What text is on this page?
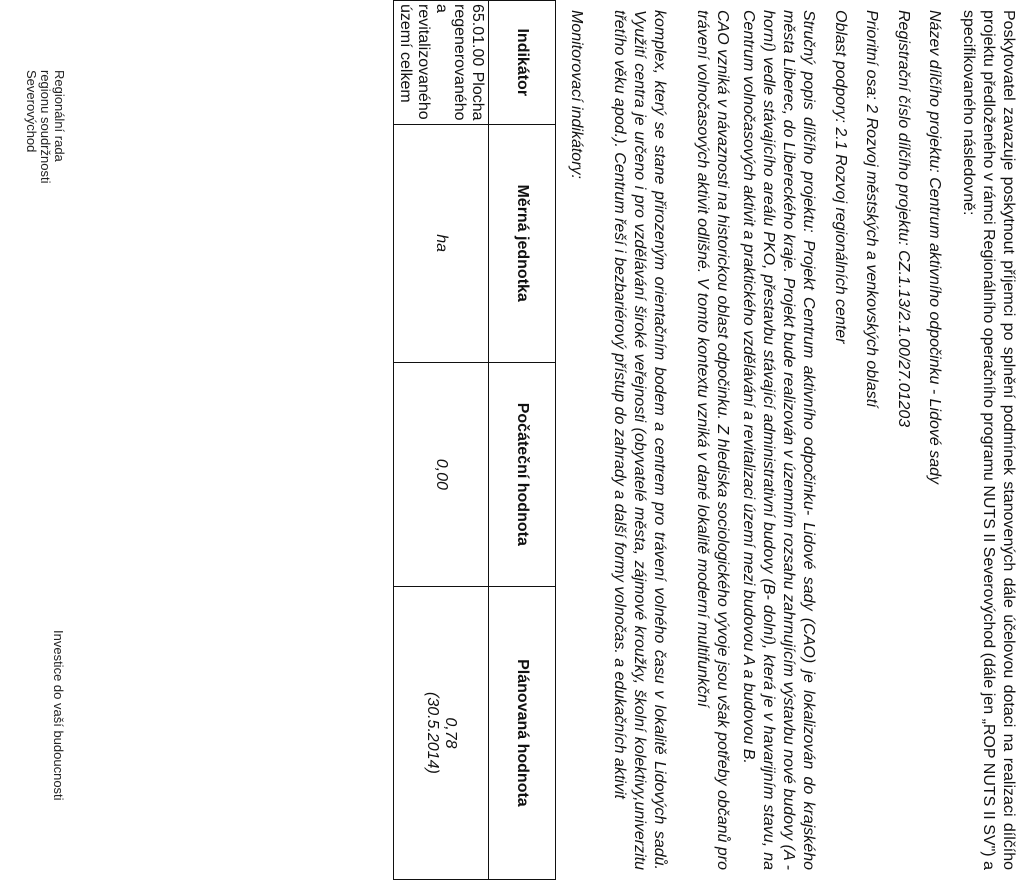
Poskytovatel zavazuje poskytnout příjemci po splnění podmínek stanovených dále účelovou dotaci na realizaci dílčího projektu předloženého v rámci Regionálního operačního programu NUTS II Severovýchod (dále jen „ROP NUTS II SV") a specifikovaného následovně:

Název dílčího projektu: Centrum aktivního odpočinku - Lidové sady

Registrační číslo dílčího projektu: CZ.1.13/2.1.00/27.01203

Prioritní osa: 2 Rozvoj městských a venkovských oblastí

Oblast podpory: 2.1 Rozvoj regionálních center

Stručný popis dílčího projektu: Projekt Centrum aktivního odpočinku- Lidové sady (CAO) je lokalizován do krajského města Liberec, do Libereckého kraje. Projekt bude realizován v územním rozsahu zahrnujícím výstavbu nové budovy (A - horní) vedle stávajícího areálu PKO, přestavbu stávající administrativní budovy (B- dolní), která je v havarijním stavu, na Centrum volnočasových aktivit a praktického vzdělávání a revitalizaci území mezi budovou A a budovou B.

CAO vzniká v návaznosti na historickou oblast odpočinku. Z hlediska sociologického vývoje jsou však potřeby občanů pro trávení volnočasových aktivit odlišné. V tomto kontextu vzniká v dané lokalitě moderní multifunkční

komplex, který se stane přirozeným orientačním bodem a centrem pro trávení volného času v lokalitě Lidových sadů. Využití centra je určeno i pro vzdělávání široké veřejnosti (obyvatelé města, zájmové kroužky, školní kolektivy,univerzitu třetího věku apod.). Centrum řeší i bezbariérový přístup do zahrady a další formy volnočas. a edukačních aktivit

Monitorovací indikátory:

Indikátor	Měrná jednotka	Počáteční hodnota	Plánovaná hodnota
65.01.00 Plocha regenerovaného a revitalizovaného území celkem	ha	0,00	0,78
(30.5.2014)
Regionální rada
regionu soudržnosti
Severovýchod
Investice do vaší budoucnosti
